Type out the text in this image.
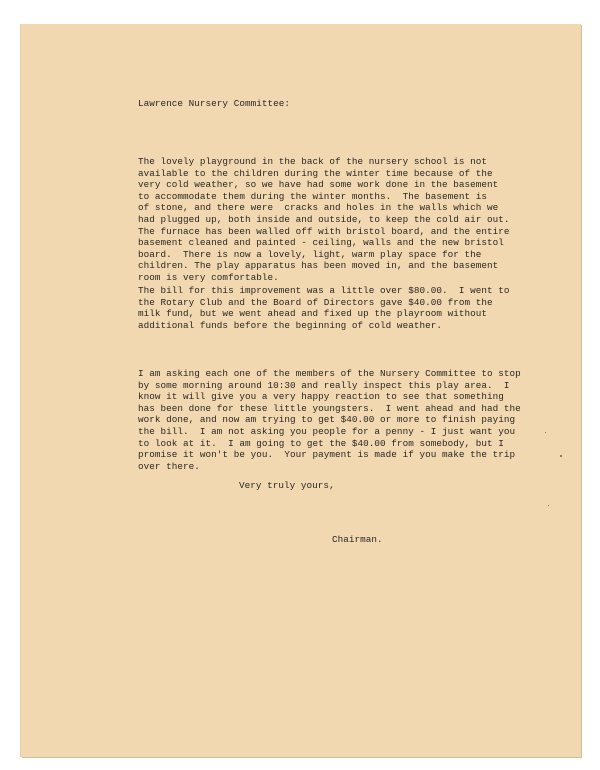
Lawrence Nursery Committee:
The lovely playground in the back of the nursery school is not
available to the children during the winter time because of the
very cold weather, so we have had some work done in the basement
to accommodate them during the winter months.  The basement is
of stone, and there were  cracks and holes in the walls which we
had plugged up, both inside and outside, to keep the cold air out.
The furnace has been walled off with bristol board, and the entire
basement cleaned and painted - ceiling, walls and the new bristol
board.  There is now a lovely, light, warm play space for the
children. The play apparatus has been moved in, and the basement
room is very comfortable.
The bill for this improvement was a little over $80.00.  I went to
the Rotary Club and the Board of Directors gave $40.00 from the
milk fund, but we went ahead and fixed up the playroom without
additional funds before the beginning of cold weather.
I am asking each one of the members of the Nursery Committee to stop
by some morning around 10:30 and really inspect this play area.  I
know it will give you a very happy reaction to see that something
has been done for these little youngsters.  I went ahead and had the
work done, and now am trying to get $40.00 or more to finish paying
the bill.  I am not asking you people for a penny - I just want you
to look at it.  I am going to get the $40.00 from somebody, but I
promise it won't be you.  Your payment is made if you make the trip
over there.
Very truly yours,
Chairman.
